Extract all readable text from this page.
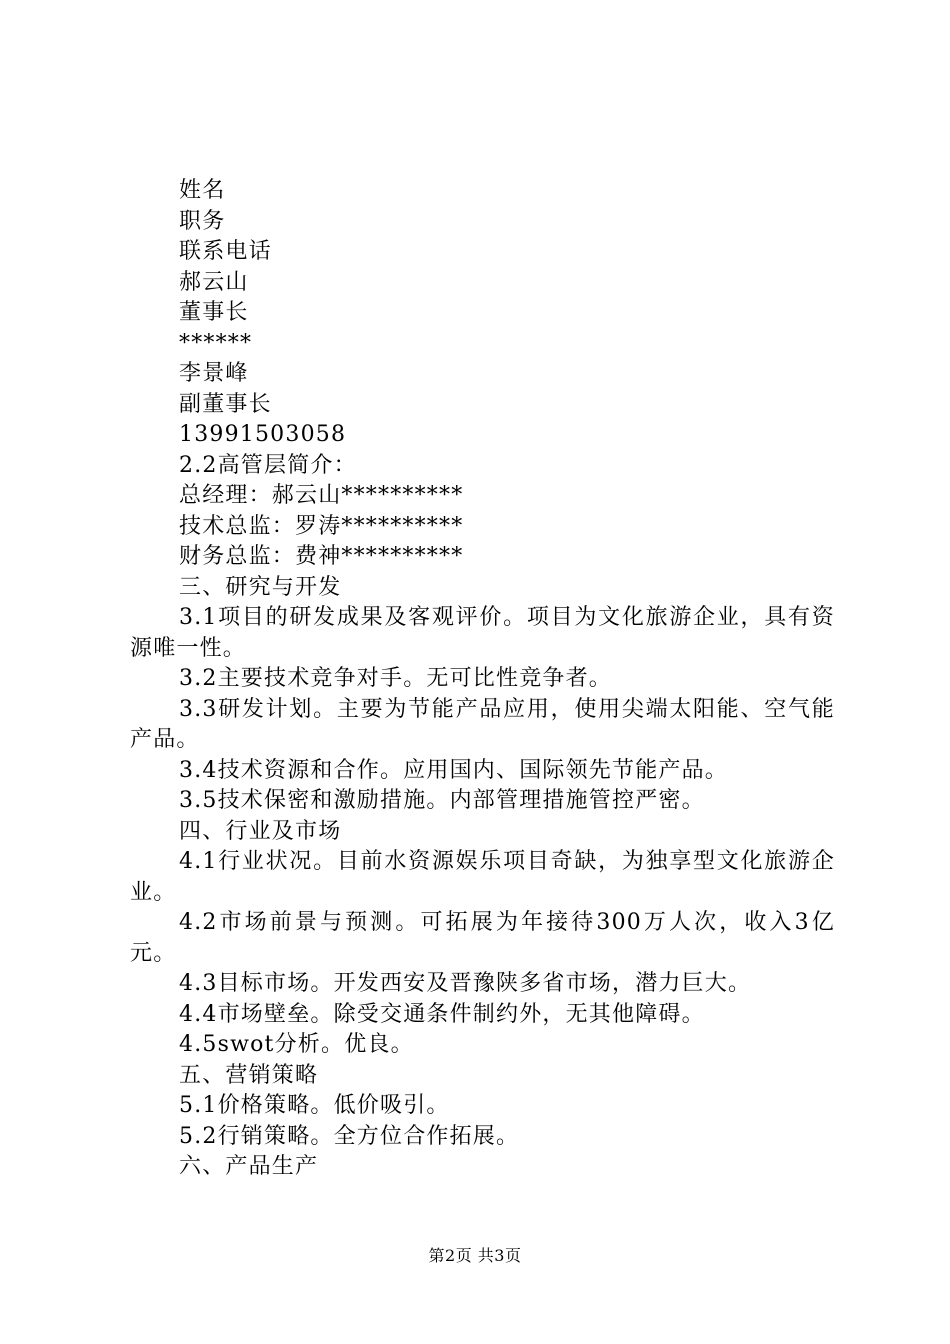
姓名

职务

联系电话

郝云山

董事长

******

李景峰

副董事长

13991503058

2.2高管层简介：

总经理：郝云山**********

技术总监：罗涛**********

财务总监：费神**********

三、研究与开发

3.1项目的研发成果及客观评价。项目为文化旅游企业，具有资源唯一性。

3.2主要技术竞争对手。无可比性竞争者。

3.3研发计划。主要为节能产品应用，使用尖端太阳能、空气能产品。

3.4技术资源和合作。应用国内、国际领先节能产品。

3.5技术保密和激励措施。内部管理措施管控严密。

四、行业及市场

4.1行业状况。目前水资源娱乐项目奇缺，为独享型文化旅游企业。

4.2市场前景与预测。可拓展为年接待300万人次，收入3亿元。

4.3目标市场。开发西安及晋豫陕多省市场，潜力巨大。

4.4市场壁垒。除受交通条件制约外，无其他障碍。

4.5swot分析。优良。

五、营销策略

5.1价格策略。低价吸引。

5.2行销策略。全方位合作拓展。

六、产品生产

第2页 共3页
